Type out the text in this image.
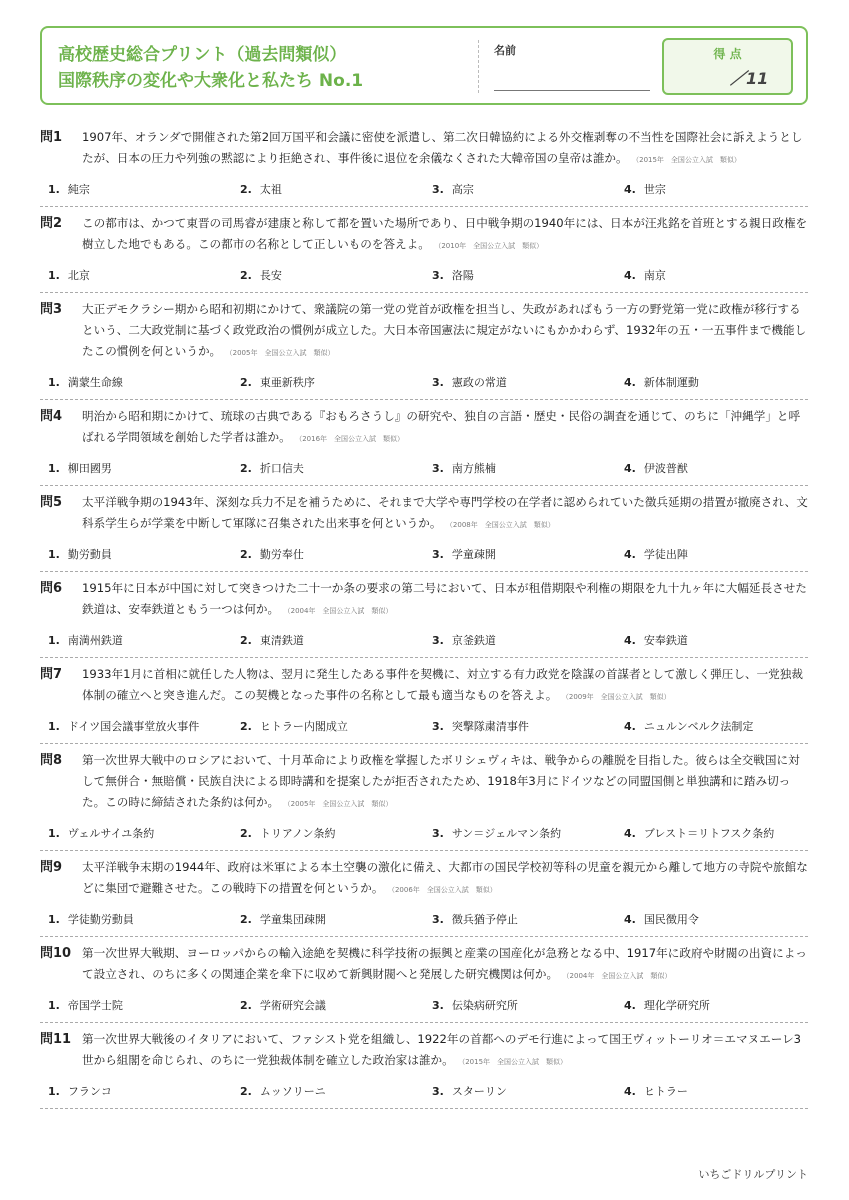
高校歴史総合プリント（過去問類似）
国際秩序の変化や大衆化と私たち No.1
名前	得 点
／11
問1	1907年、オランダで開催された第2回万国平和会議に密使を派遣し、第二次日韓協約による外交権剥奪の不当性を国際社会に訴えようとしたが、日本の圧力や列強の黙認により拒絶され、事件後に退位を余儀なくされた大韓帝国の皇帝は誰か。 （2015年　全国公立入試　類似）
1. 純宗	2. 太祖	3. 高宗	4. 世宗
問2	この都市は、かつて東晋の司馬睿が建康と称して都を置いた場所であり、日中戦争期の1940年には、日本が汪兆銘を首班とする親日政権を樹立した地でもある。この都市の名称として正しいものを答えよ。 （2010年　全国公立入試　類似）
1. 北京	2. 長安	3. 洛陽	4. 南京
問3	大正デモクラシー期から昭和初期にかけて、衆議院の第一党の党首が政権を担当し、失政があればもう一方の野党第一党に政権が移行するという、二大政党制に基づく政党政治の慣例が成立した。大日本帝国憲法に規定がないにもかかわらず、1932年の五・一五事件まで機能したこの慣例を何というか。 （2005年　全国公立入試　類似）
1. 満蒙生命線	2. 東亜新秩序	3. 憲政の常道	4. 新体制運動
問4	明治から昭和期にかけて、琉球の古典である『おもろさうし』の研究や、独自の言語・歴史・民俗の調査を通じて、のちに「沖縄学」と呼ばれる学問領域を創始した学者は誰か。 （2016年　全国公立入試　類似）
1. 柳田國男	2. 折口信夫	3. 南方熊楠	4. 伊波普猷
問5	太平洋戦争期の1943年、深刻な兵力不足を補うために、それまで大学や専門学校の在学者に認められていた徴兵延期の措置が撤廃され、文科系学生らが学業を中断して軍隊に召集された出来事を何というか。 （2008年　全国公立入試　類似）
1. 勤労動員	2. 勤労奉仕	3. 学童疎開	4. 学徒出陣
問6	1915年に日本が中国に対して突きつけた二十一か条の要求の第二号において、日本が租借期限や利権の期限を九十九ヶ年に大幅延長させた鉄道は、安奉鉄道ともう一つは何か。 （2004年　全国公立入試　類似）
1. 南満州鉄道	2. 東清鉄道	3. 京釜鉄道	4. 安奉鉄道
問7	1933年1月に首相に就任した人物は、翌月に発生したある事件を契機に、対立する有力政党を陰謀の首謀者として激しく弾圧し、一党独裁体制の確立へと突き進んだ。この契機となった事件の名称として最も適当なものを答えよ。 （2009年　全国公立入試　類似）
1. ドイツ国会議事堂放火事件	2. ヒトラー内閣成立	3. 突撃隊粛清事件	4. ニュルンベルク法制定
問8	第一次世界大戦中のロシアにおいて、十月革命により政権を掌握したボリシェヴィキは、戦争からの離脱を目指した。彼らは全交戦国に対して無併合・無賠償・民族自決による即時講和を提案したが拒否されたため、1918年3月にドイツなどの同盟国側と単独講和に踏み切った。この時に締結された条約は何か。 （2005年　全国公立入試　類似）
1. ヴェルサイユ条約	2. トリアノン条約	3. サン＝ジェルマン条約	4. ブレスト＝リトフスク条約
問9	太平洋戦争末期の1944年、政府は米軍による本土空襲の激化に備え、大都市の国民学校初等科の児童を親元から離して地方の寺院や旅館などに集団で避難させた。この戦時下の措置を何というか。 （2006年　全国公立入試　類似）
1. 学徒勤労動員	2. 学童集団疎開	3. 徴兵猶予停止	4. 国民徴用令
問10 第一次世界大戦期、ヨーロッパからの輸入途絶を契機に科学技術の振興と産業の国産化が急務となる中、1917年に政府や財閥の出資によって設立され、のちに多くの関連企業を傘下に収めて新興財閥へと発展した研究機関は何か。 （2004年　全国公立入試　類似）
1. 帝国学士院	2. 学術研究会議	3. 伝染病研究所	4. 理化学研究所
問11 第一次世界大戦後のイタリアにおいて、ファシスト党を組織し、1922年の首都へのデモ行進によって国王ヴィットーリオ＝エマヌエーレ3世から組閣を命じられ、のちに一党独裁体制を確立した政治家は誰か。 （2015年　全国公立入試　類似）
1. フランコ	2. ムッソリーニ	3. スターリン	4. ヒトラー
いちごドリルプリント
